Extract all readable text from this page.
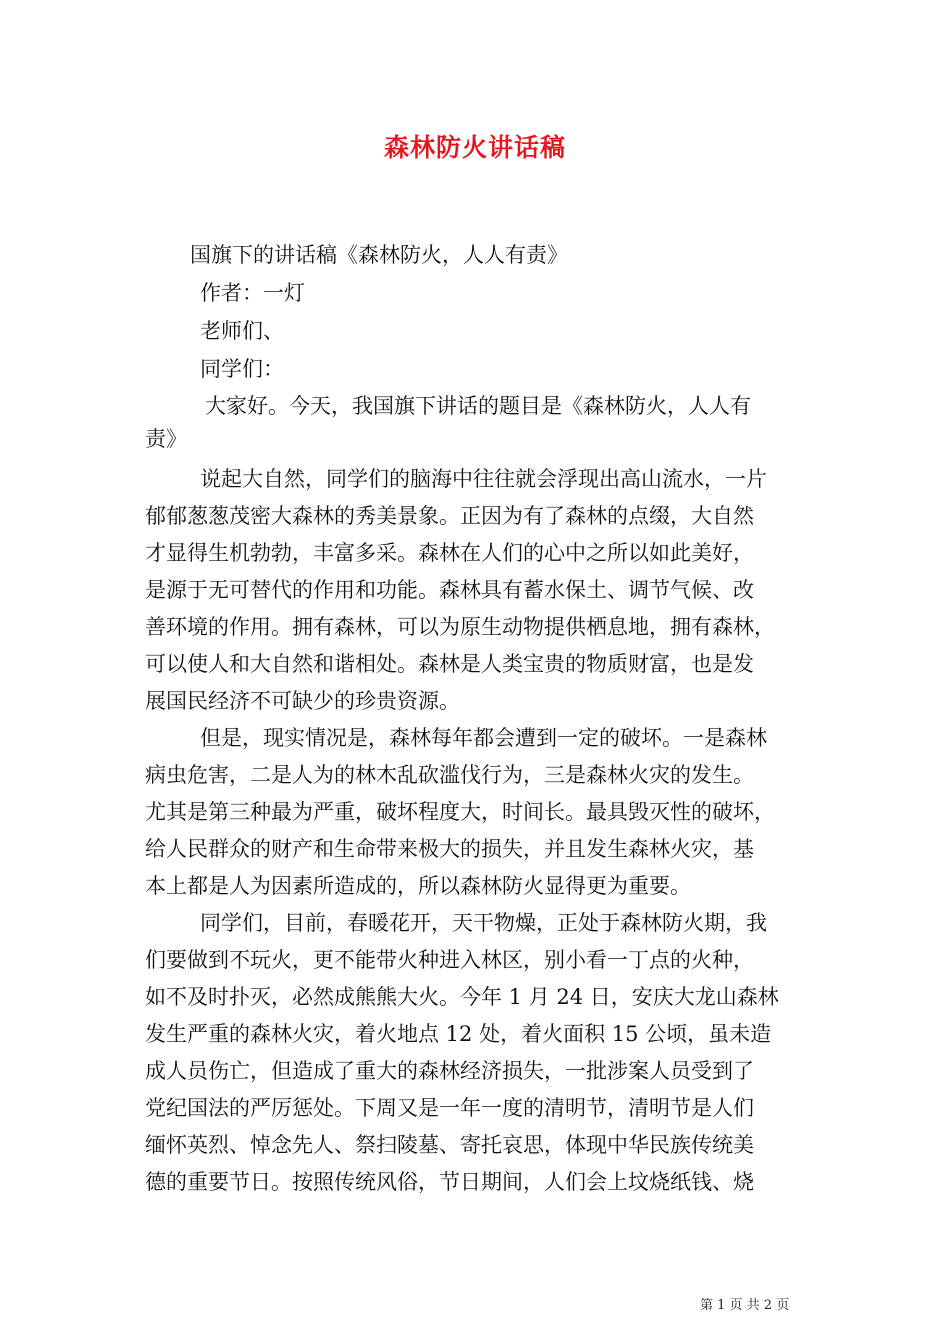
森林防火讲话稿
国旗下的讲话稿《森林防火，人人有责》
作者：一灯
老师们、
同学们：
大家好。今天，我国旗下讲话的题目是《森林防火，人人有
责》
说起大自然，同学们的脑海中往往就会浮现出高山流水，一片
郁郁葱葱茂密大森林的秀美景象。正因为有了森林的点缀，大自然
才显得生机勃勃，丰富多采。森林在人们的心中之所以如此美好，
是源于无可替代的作用和功能。森林具有蓄水保土、调节气候、改
善环境的作用。拥有森林，可以为原生动物提供栖息地，拥有森林，
可以使人和大自然和谐相处。森林是人类宝贵的物质财富，也是发
展国民经济不可缺少的珍贵资源。
但是，现实情况是，森林每年都会遭到一定的破坏。一是森林
病虫危害，二是人为的林木乱砍滥伐行为，三是森林火灾的发生。
尤其是第三种最为严重，破坏程度大，时间长。最具毁灭性的破坏，
给人民群众的财产和生命带来极大的损失，并且发生森林火灾，基
本上都是人为因素所造成的，所以森林防火显得更为重要。
同学们，目前，春暖花开，天干物燥，正处于森林防火期，我
们要做到不玩火，更不能带火种进入林区，别小看一丁点的火种，
如不及时扑灭，必然成熊熊大火。今年 1 月 24 日，安庆大龙山森林
发生严重的森林火灾，着火地点 12 处，着火面积 15 公顷，虽未造
成人员伤亡，但造成了重大的森林经济损失，一批涉案人员受到了
党纪国法的严厉惩处。下周又是一年一度的清明节，清明节是人们
缅怀英烈、悼念先人、祭扫陵墓、寄托哀思，体现中华民族传统美
德的重要节日。按照传统风俗，节日期间，人们会上坟烧纸钱、烧
第 1 页 共 2 页
